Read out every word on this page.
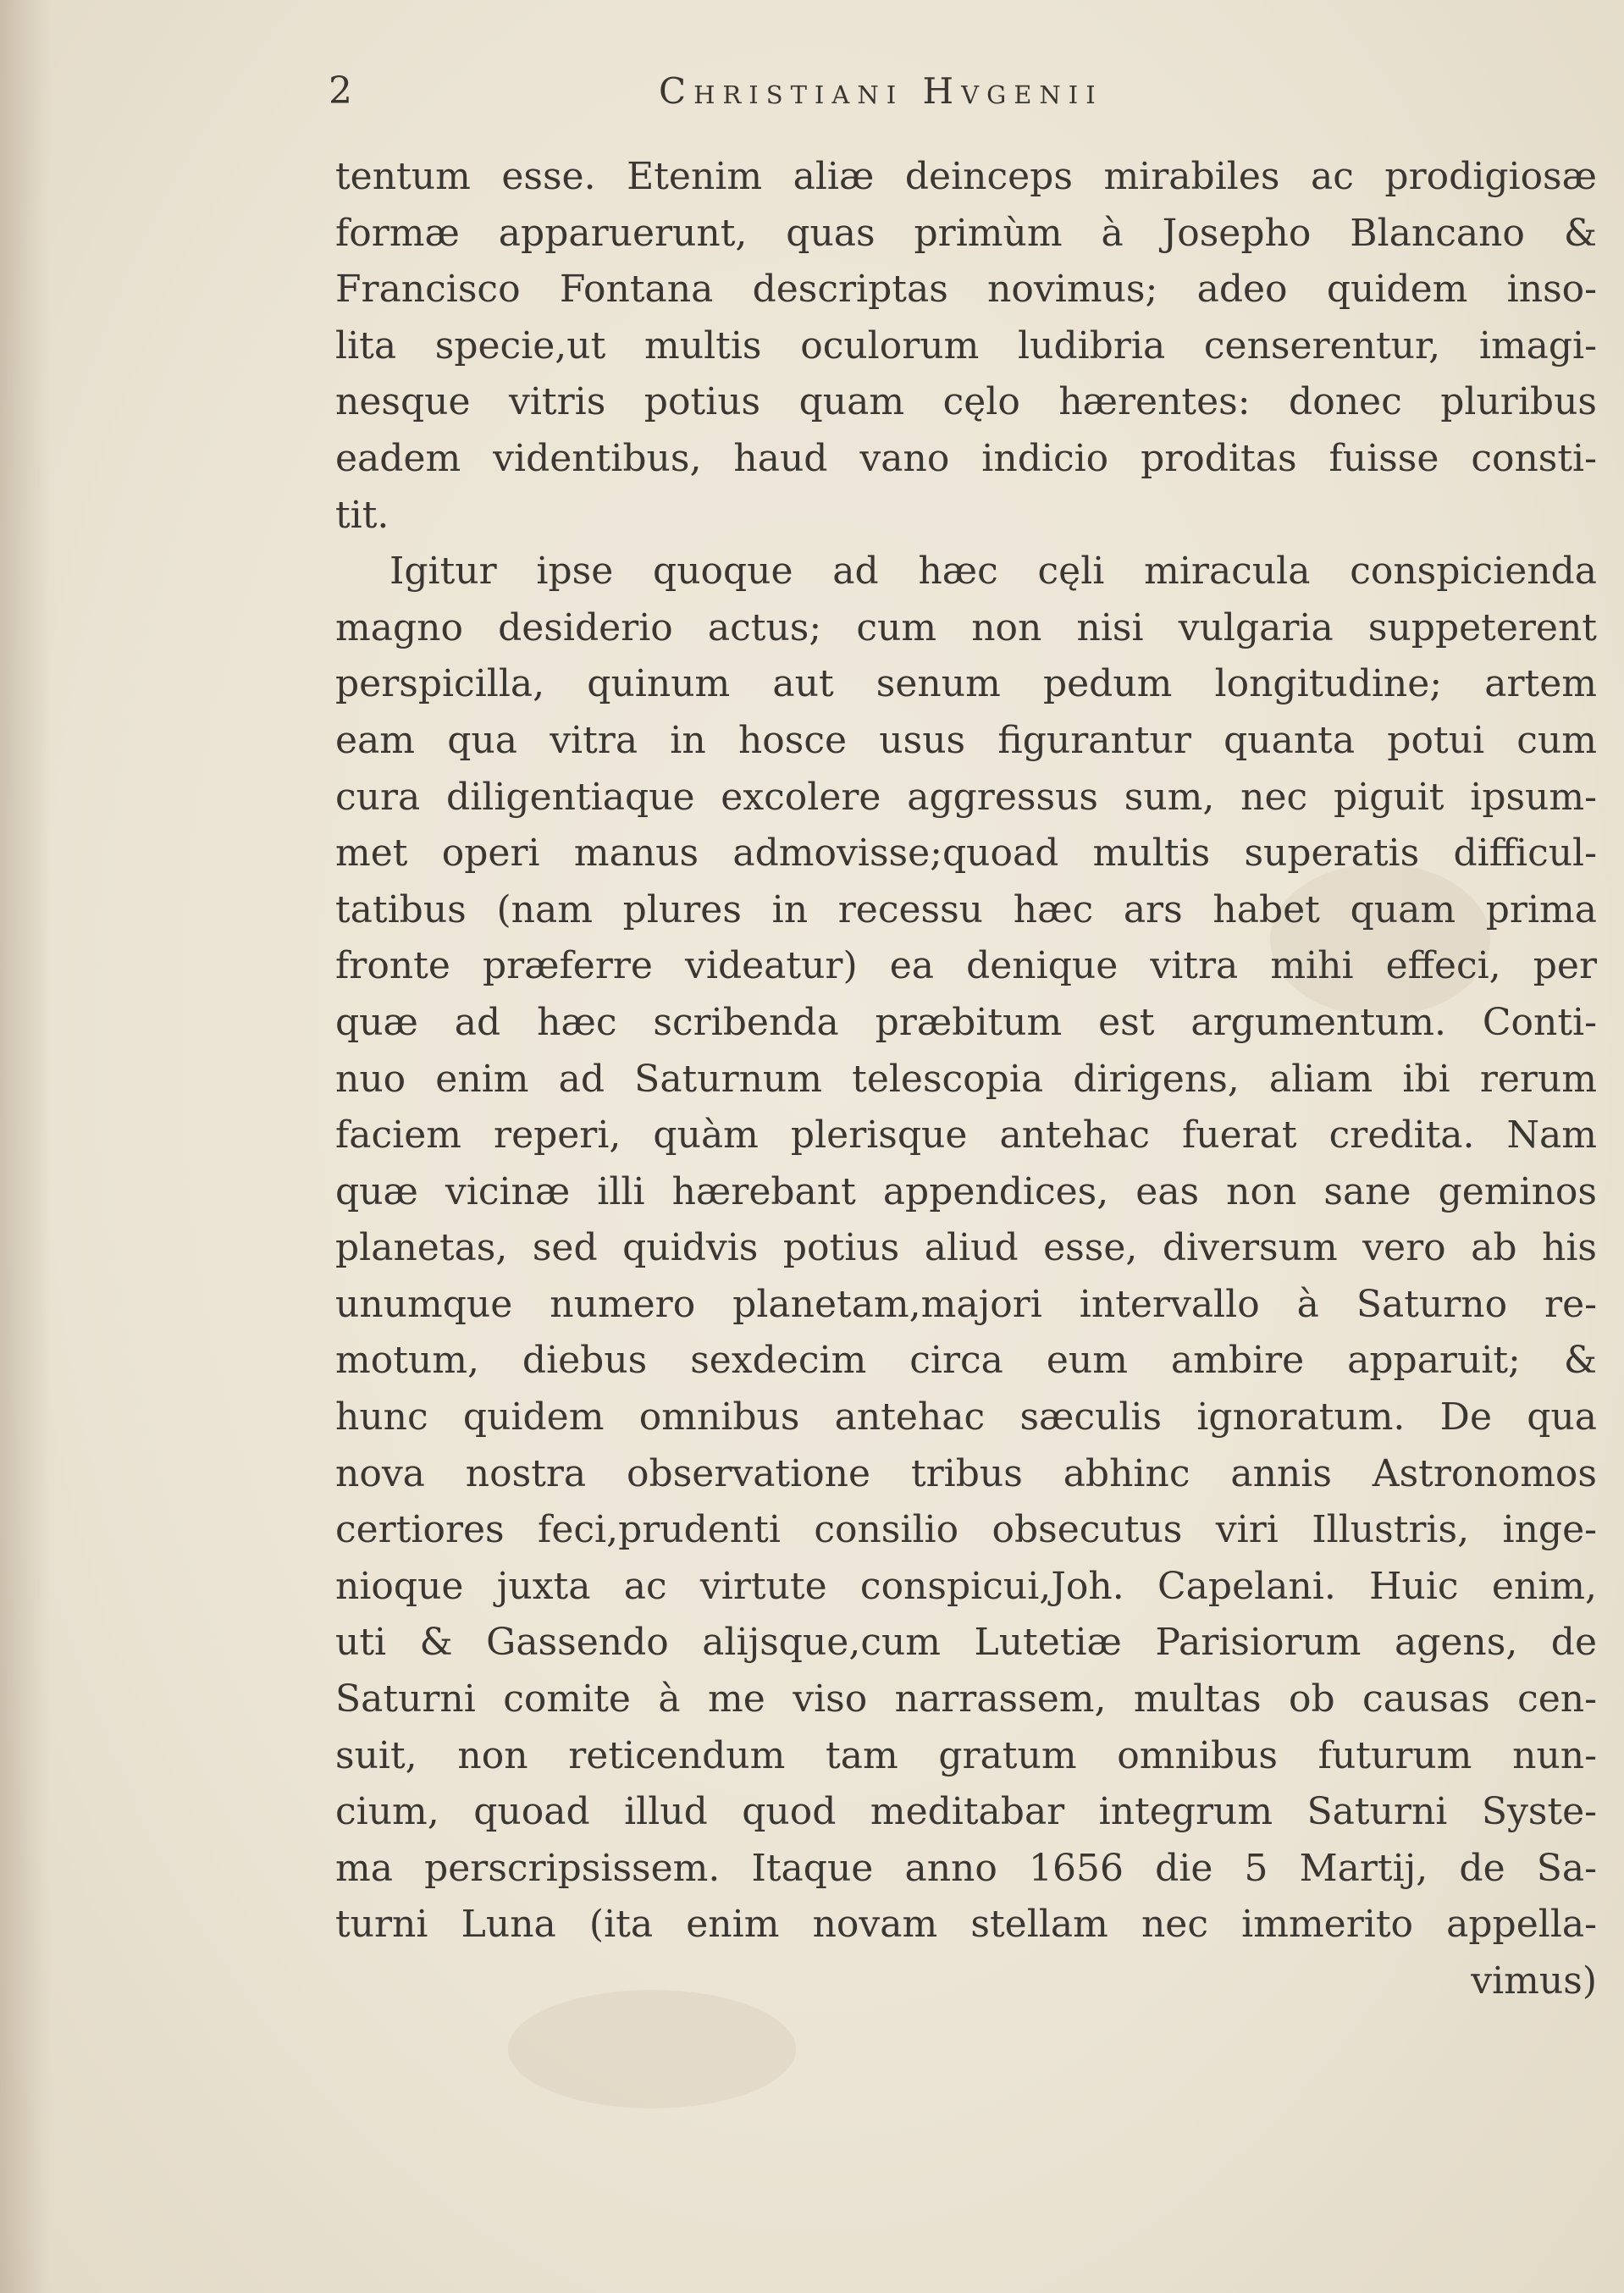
2	Christiani Hvgenii
tentum esse. Etenim aliæ deinceps mirabiles ac prodigiosæ
formæ apparuerunt, quas primùm à Josepho Blancano &
Francisco Fontana descriptas novimus; adeo quidem inso-
lita specie,ut multis oculorum ludibria censerentur, imagi-
nesque vitris potius quam cęlo hærentes: donec pluribus
eadem videntibus, haud vano indicio proditas fuisse consti-
tit.
Igitur ipse quoque ad hæc cęli miracula conspicienda
magno desiderio actus; cum non nisi vulgaria suppeterent
perspicilla, quinum aut senum pedum longitudine; artem
eam qua vitra in hosce usus figurantur quanta potui cum
cura diligentiaque excolere aggressus sum, nec piguit ipsum-
met operi manus admovisse;quoad multis superatis difficul-
tatibus (nam plures in recessu hæc ars habet quam prima
fronte præferre videatur) ea denique vitra mihi effeci, per
quæ ad hæc scribenda præbitum est argumentum. Conti-
nuo enim ad Saturnum telescopia dirigens, aliam ibi rerum
faciem reperi, quàm plerisque antehac fuerat credita. Nam
quæ vicinæ illi hærebant appendices, eas non sane geminos
planetas, sed quidvis potius aliud esse, diversum vero ab his
unumque numero planetam,majori intervallo à Saturno re-
motum, diebus sexdecim circa eum ambire apparuit; &
hunc quidem omnibus antehac sæculis ignoratum. De qua
nova nostra observatione tribus abhinc annis Astronomos
certiores feci,prudenti consilio obsecutus viri Illustris, inge-
nioque juxta ac virtute conspicui,Joh. Capelani. Huic enim,
uti & Gassendo alijsque,cum Lutetiæ Parisiorum agens, de
Saturni comite à me viso narrassem, multas ob causas cen-
suit, non reticendum tam gratum omnibus futurum nun-
cium, quoad illud quod meditabar integrum Saturni Syste-
ma perscripsissem. Itaque anno 1656 die 5 Martij, de Sa-
turni Luna (ita enim novam stellam nec immerito appella-
vimus)
